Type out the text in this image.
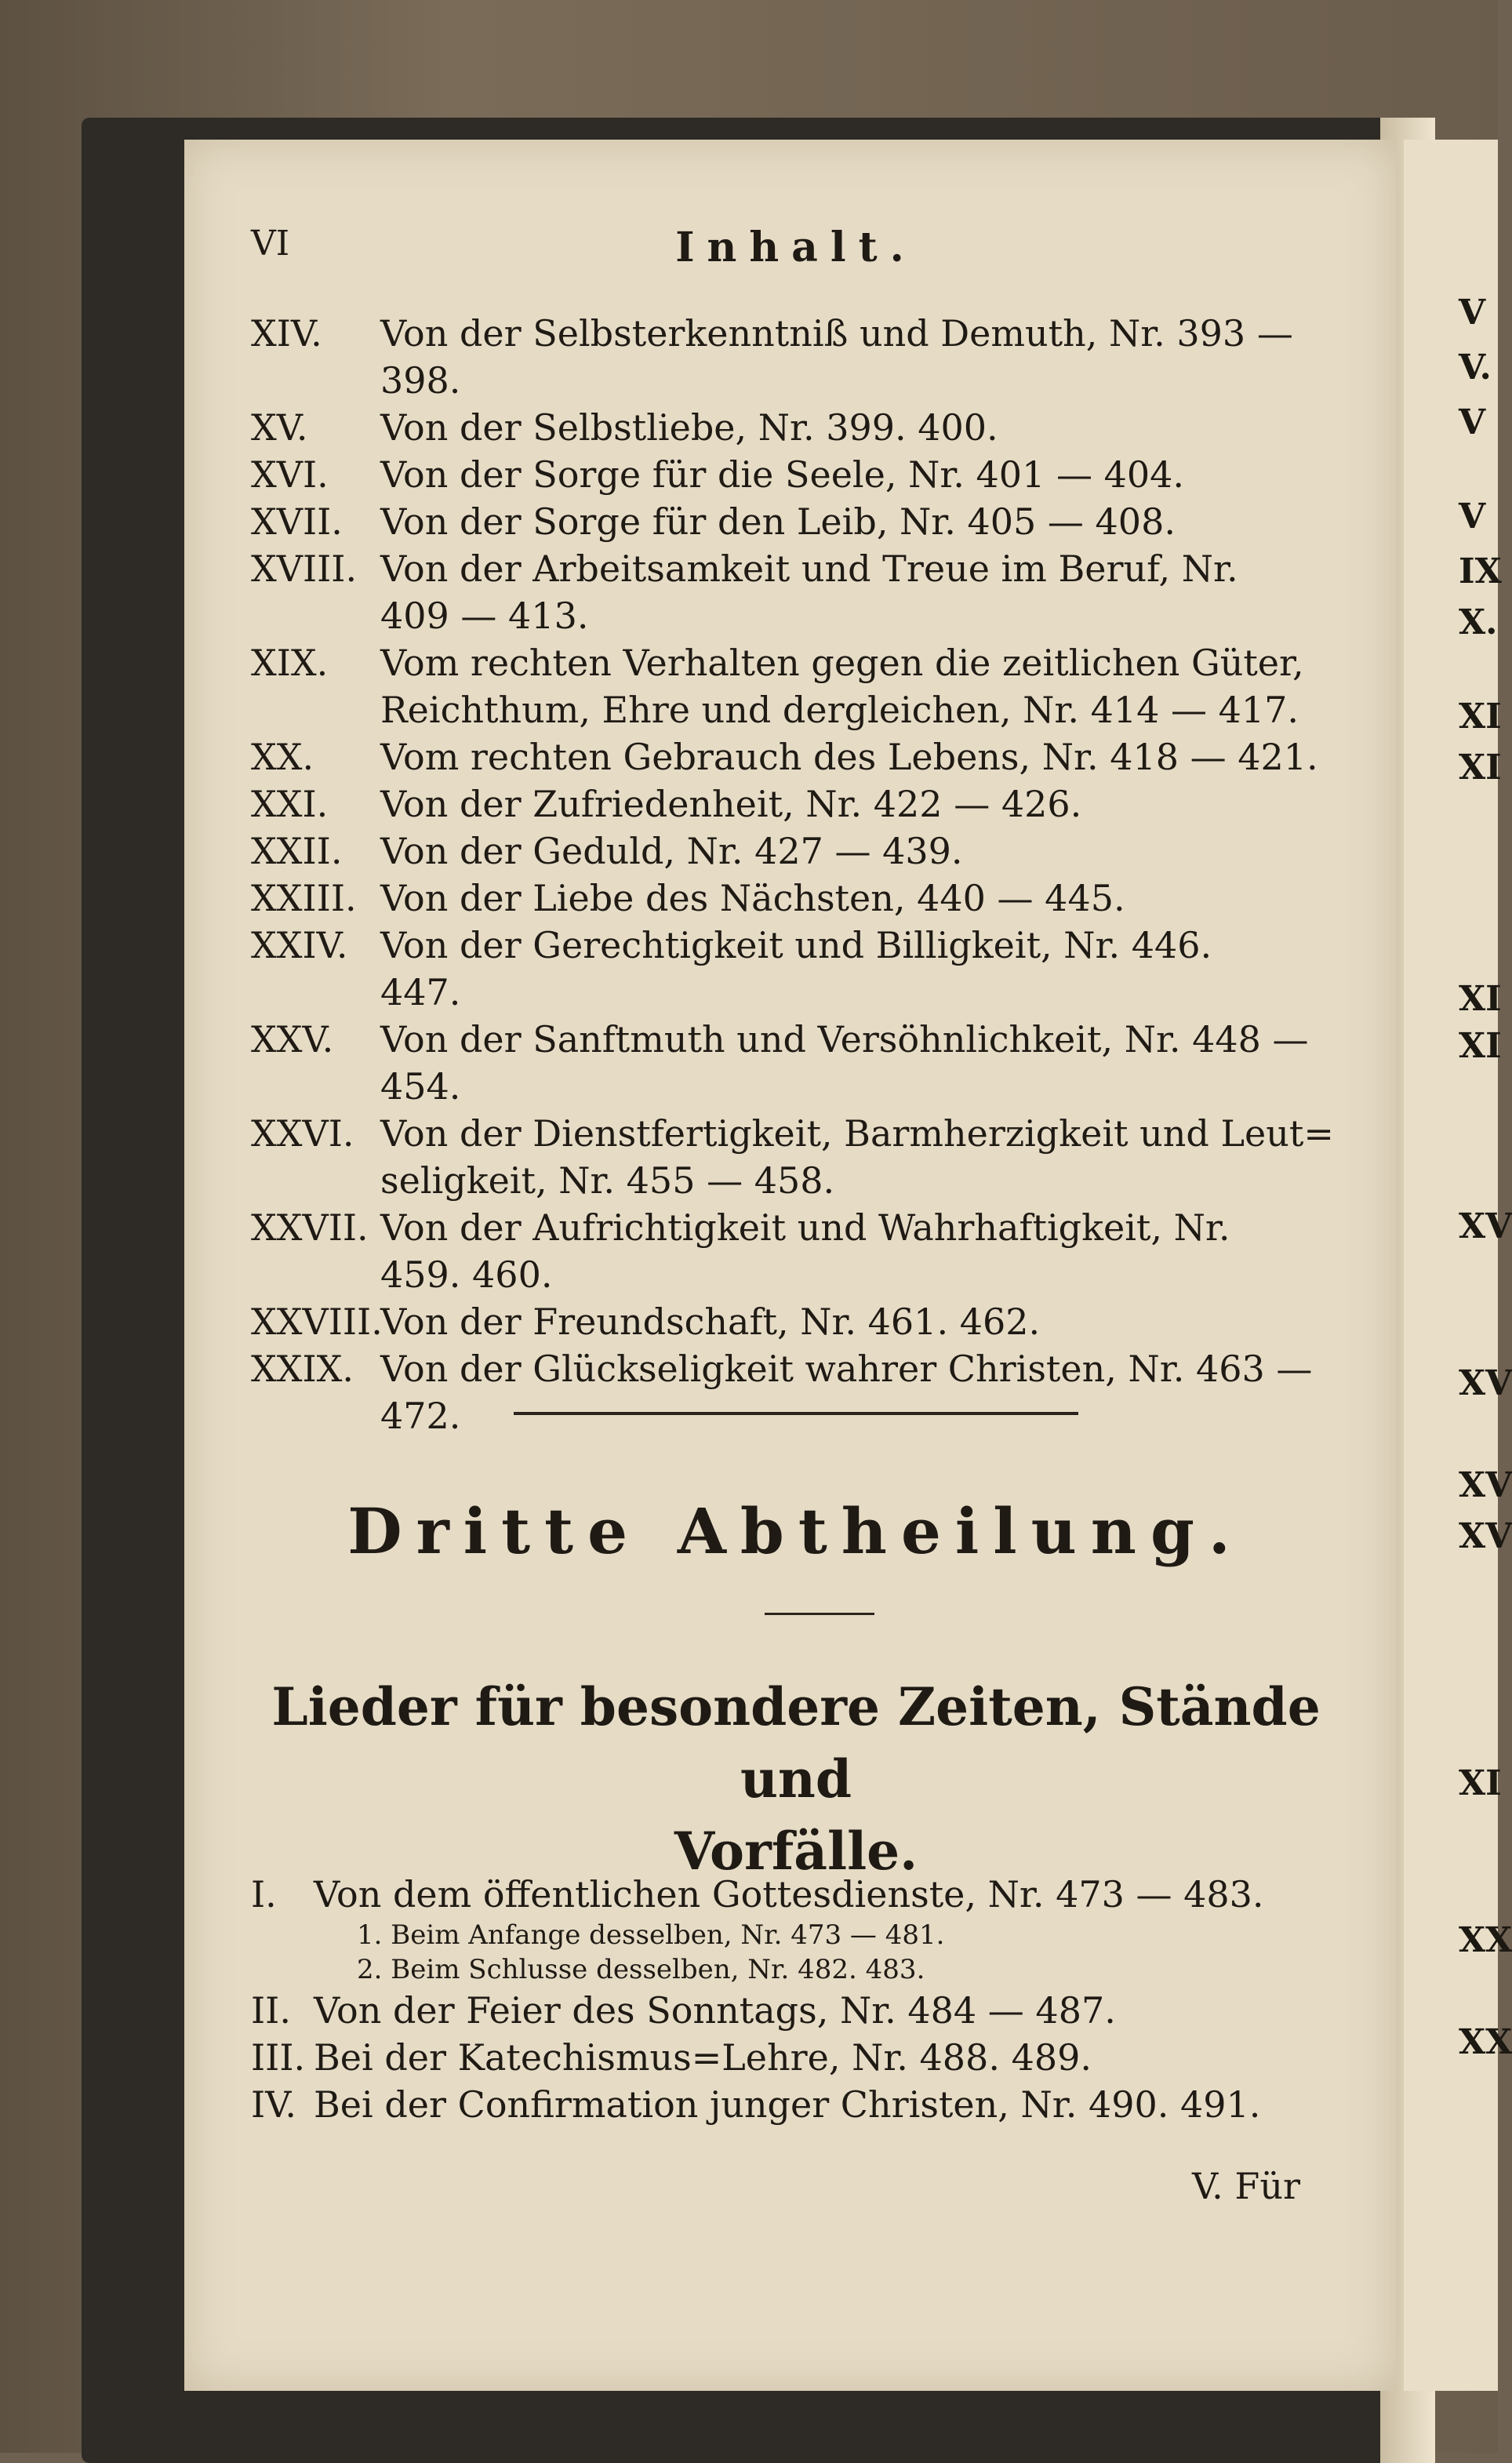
V
V.
V
V
IX
X.
XI
XI
XI
XI
XV
XV
XV
XV
XI
XX
XX
VI	Inhalt.
XIV. Von der Selbsterkenntniß und Demuth, Nr. 393 —
398.
XV. Von der Selbstliebe, Nr. 399. 400.
XVI. Von der Sorge für die Seele, Nr. 401 — 404.
XVII. Von der Sorge für den Leib, Nr. 405 — 408.
XVIII. Von der Arbeitsamkeit und Treue im Beruf, Nr.
409 — 413.
XIX. Vom rechten Verhalten gegen die zeitlichen Güter,
Reichthum, Ehre und dergleichen, Nr. 414 — 417.
XX. Vom rechten Gebrauch des Lebens, Nr. 418 — 421.
XXI. Von der Zufriedenheit, Nr. 422 — 426.
XXII. Von der Geduld, Nr. 427 — 439.
XXIII. Von der Liebe des Nächsten, 440 — 445.
XXIV. Von der Gerechtigkeit und Billigkeit, Nr. 446.
447.
XXV. Von der Sanftmuth und Versöhnlichkeit, Nr. 448 —
454.
XXVI. Von der Dienstfertigkeit, Barmherzigkeit und Leut=
seligkeit, Nr. 455 — 458.
XXVII. Von der Aufrichtigkeit und Wahrhaftigkeit, Nr.
459. 460.
XXVIII.
Von der Freundschaft, Nr. 461. 462.
XXIX. Von der Glückseligkeit wahrer Christen, Nr. 463 —
472.
Dritte Abtheilung.
Lieder für besondere Zeiten, Stände und
Vorfälle.
I. Von dem öffentlichen Gottesdienste, Nr. 473 — 483.
1. Beim Anfange desselben, Nr. 473 — 481.
2. Beim Schlusse desselben, Nr. 482. 483.
II. Von der Feier des Sonntags, Nr. 484 — 487.
III. Bei der Katechismus=Lehre, Nr. 488. 489.
IV. Bei der Confirmation junger Christen, Nr. 490. 491.
V. Für
